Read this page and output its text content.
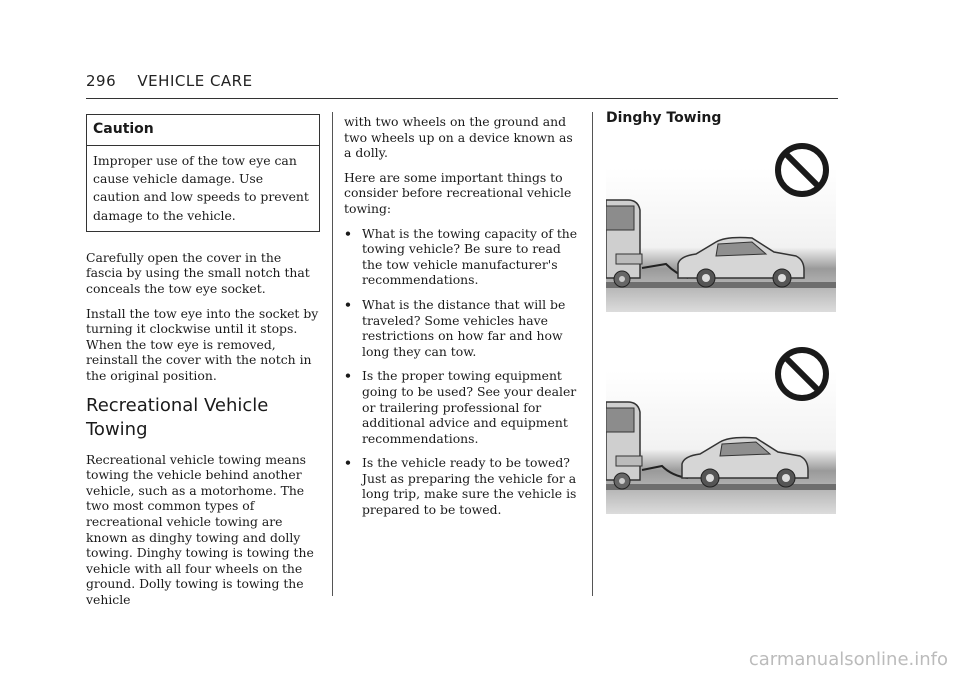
296 VEHICLE CARE
Caution
Improper use of the tow eye can cause vehicle damage. Use caution and low speeds to prevent damage to the vehicle.

Carefully open the cover in the fascia by using the small notch that conceals the tow eye socket.

Install the tow eye into the socket by turning it clockwise until it stops. When the tow eye is removed, reinstall the cover with the notch in the original position.

Recreational Vehicle Towing

Recreational vehicle towing means towing the vehicle behind another vehicle, such as a motorhome. The two most common types of recreational vehicle towing are known as dinghy towing and dolly towing. Dinghy towing is towing the vehicle with all four wheels on the ground. Dolly towing is towing the vehicle

with two wheels on the ground and two wheels up on a device known as a dolly.

Here are some important things to consider before recreational vehicle towing:

• What is the towing capacity of the towing vehicle? Be sure to read the tow vehicle manufacturer's recommendations.
• What is the distance that will be traveled? Some vehicles have restrictions on how far and how long they can tow.
• Is the proper towing equipment going to be used? See your dealer or trailering professional for additional advice and equipment recommendations.
• Is the vehicle ready to be towed? Just as preparing the vehicle for a long trip, make sure the vehicle is prepared to be towed.
Dinghy Towing
carmanualsonline.info
